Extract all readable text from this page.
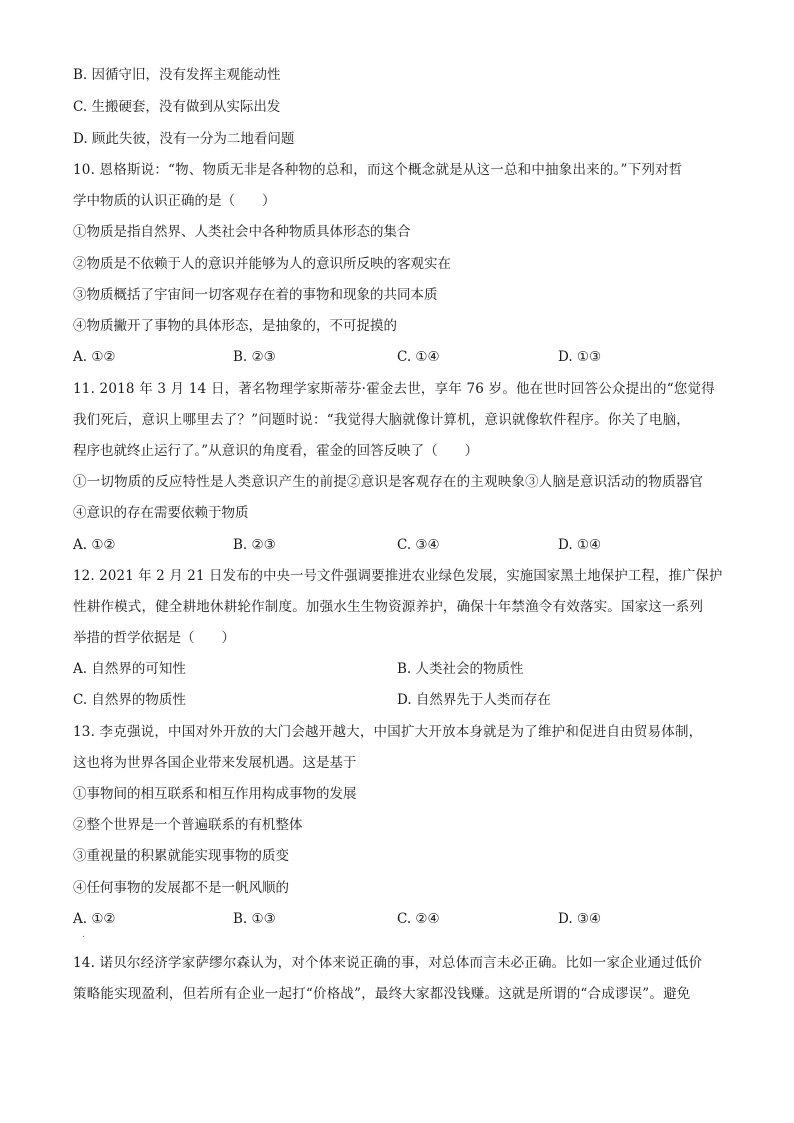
B. 因循守旧，没有发挥主观能动性
C. 生搬硬套，没有做到从实际出发
D. 顾此失彼，没有一分为二地看问题
10. 恩格斯说：“物、物质无非是各种物的总和，而这个概念就是从这一总和中抽象出来的。”下列对哲
学中物质的认识正确的是（　　）
①物质是指自然界、人类社会中各种物质具体形态的集合
②物质是不依赖于人的意识并能够为人的意识所反映的客观实在
③物质概括了宇宙间一切客观存在着的事物和现象的共同本质
④物质撇开了事物的具体形态，是抽象的，不可捉摸的
A. ①②	B. ②③	C. ①④	D. ①③
11. 2018 年 3 月 14 日，著名物理学家斯蒂芬·霍金去世，享年 76 岁。他在世时回答公众提出的“您觉得
我们死后，意识上哪里去了？”问题时说：“我觉得大脑就像计算机，意识就像软件程序。你关了电脑，
程序也就终止运行了。”从意识的角度看，霍金的回答反映了（　　）
①一切物质的反应特性是人类意识产生的前提②意识是客观存在的主观映象③人脑是意识活动的物质器官
④意识的存在需要依赖于物质
A. ①②	B. ②③	C. ③④	D. ①④
12. 2021 年 2 月 21 日发布的中央一号文件强调要推进农业绿色发展，实施国家黑土地保护工程，推广保护
性耕作模式，健全耕地休耕轮作制度。加强水生生物资源养护，确保十年禁渔令有效落实。国家这一系列
举措的哲学依据是（　　）
A. 自然界的可知性	B. 人类社会的物质性
C. 自然界的物质性	D. 自然界先于人类而存在
13. 李克强说，中国对外开放的大门会越开越大，中国扩大开放本身就是为了维护和促进自由贸易体制，
这也将为世界各国企业带来发展机遇。这是基于
①事物间的相互联系和相互作用构成事物的发展
②整个世界是一个普遍联系的有机整体
③重视量的积累就能实现事物的质变
④任何事物的发展都不是一帆风顺的
A. ①②	B. ①③	C. ②④	D. ③④
.
14. 诺贝尔经济学家萨缪尔森认为，对个体来说正确的事，对总体而言未必正确。比如一家企业通过低价
策略能实现盈利，但若所有企业一起打“价格战”，最终大家都没钱赚。这就是所谓的“合成谬误”。避免
